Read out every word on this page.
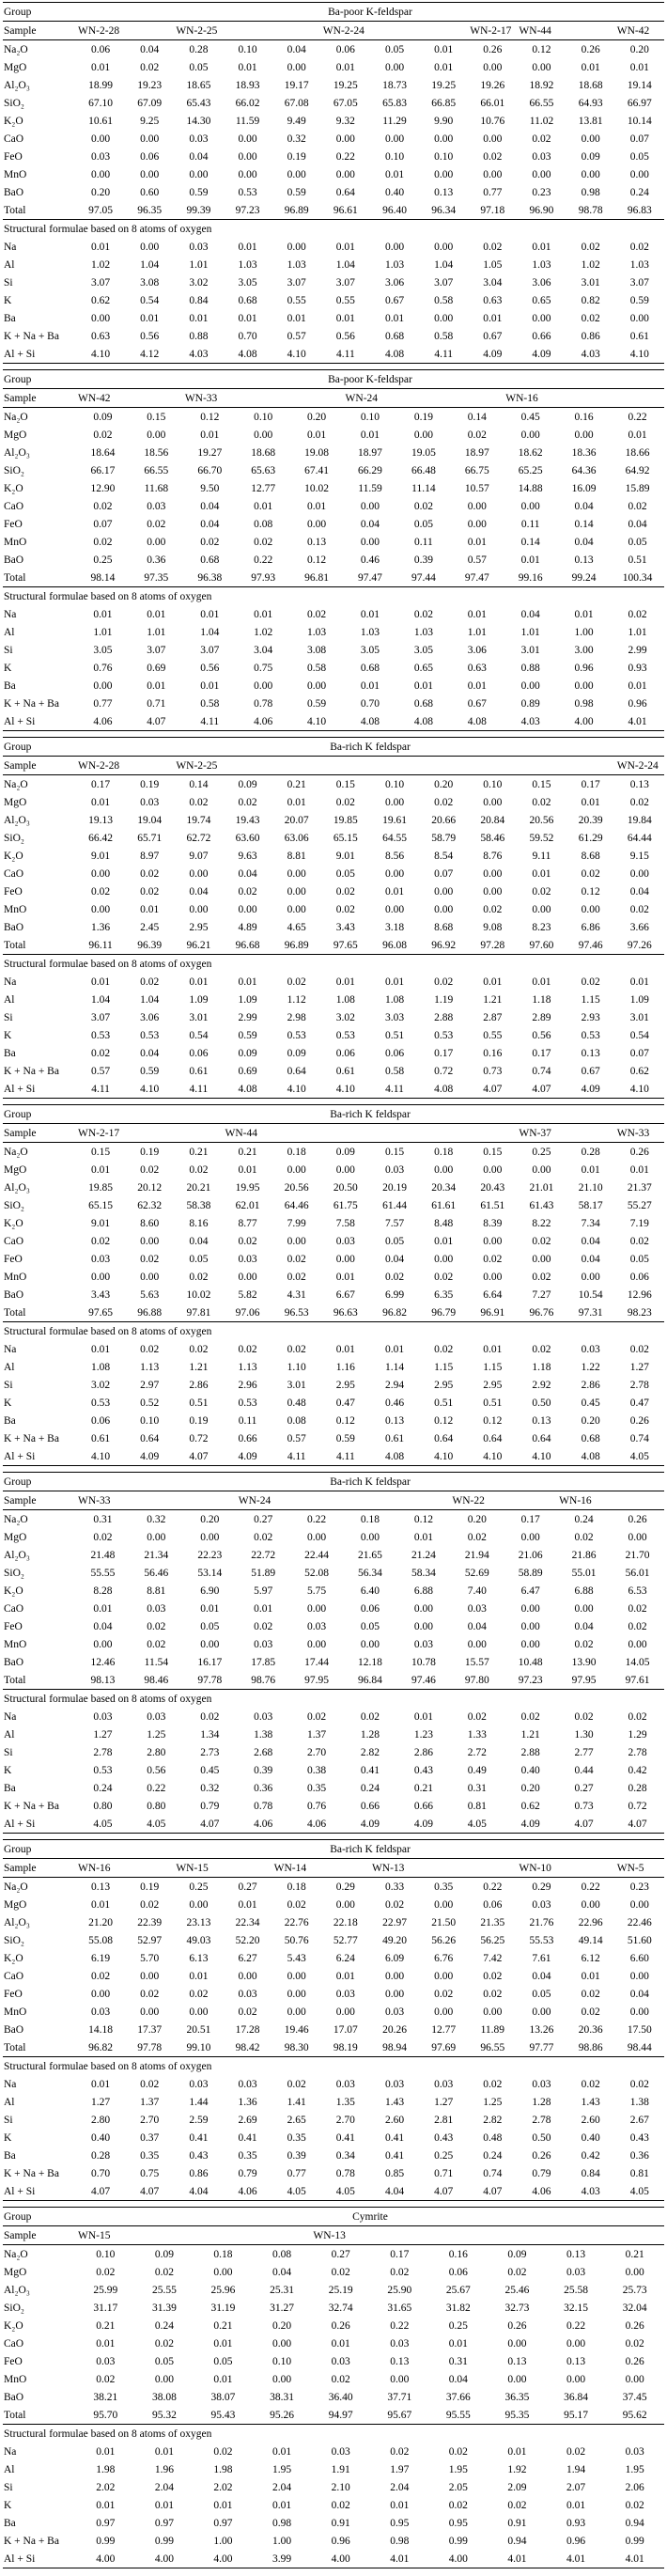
Group	Ba-poor K-feldspar											
Sample	WN-2-28		WN-2-25			WN-2-24			WN-2-17	WN-44		WN-42
Na₂O	0.06	0.04	0.28	0.10	0.04	0.06	0.05	0.01	0.26	0.12	0.26	0.20
MgO	0.01	0.02	0.05	0.01	0.00	0.01	0.00	0.01	0.00	0.00	0.01	0.01
Al₂O₃	18.99	19.23	18.65	18.93	19.17	19.25	18.73	19.25	19.26	18.92	18.68	19.14
SiO₂	67.10	67.09	65.43	66.02	67.08	67.05	65.83	66.85	66.01	66.55	64.93	66.97
K₂O	10.61	9.25	14.30	11.59	9.49	9.32	11.29	9.90	10.76	11.02	13.81	10.14
CaO	0.00	0.00	0.03	0.00	0.32	0.00	0.00	0.00	0.00	0.02	0.00	0.07
FeO	0.03	0.06	0.04	0.00	0.19	0.22	0.10	0.10	0.02	0.03	0.09	0.05
MnO	0.00	0.00	0.00	0.00	0.00	0.00	0.01	0.00	0.00	0.00	0.00	0.00
BaO	0.20	0.60	0.59	0.53	0.59	0.64	0.40	0.13	0.77	0.23	0.98	0.24
Total	97.05	96.35	99.39	97.23	96.89	96.61	96.40	96.34	97.18	96.90	98.78	96.83
Structural formulae based on 8 atoms of oxygen												
Na	0.01	0.00	0.03	0.01	0.00	0.01	0.00	0.00	0.02	0.01	0.02	0.02
Al	1.02	1.04	1.01	1.03	1.03	1.04	1.03	1.04	1.05	1.03	1.02	1.03
Si	3.07	3.08	3.02	3.05	3.07	3.07	3.06	3.07	3.04	3.06	3.01	3.07
K	0.62	0.54	0.84	0.68	0.55	0.55	0.67	0.58	0.63	0.65	0.82	0.59
Ba	0.00	0.01	0.01	0.01	0.01	0.01	0.01	0.00	0.01	0.00	0.02	0.00
K + Na + Ba	0.63	0.56	0.88	0.70	0.57	0.56	0.68	0.58	0.67	0.66	0.86	0.61
Al + Si	4.10	4.12	4.03	4.08	4.10	4.11	4.08	4.11	4.09	4.09	4.03	4.10
Group	Ba-poor K-feldspar										
Sample	WN-42		WN-33			WN-24			WN-16		
Na₂O	0.09	0.15	0.12	0.10	0.20	0.10	0.19	0.14	0.45	0.16	0.22
MgO	0.02	0.00	0.01	0.00	0.01	0.01	0.00	0.02	0.00	0.00	0.01
Al₂O₃	18.64	18.56	19.27	18.68	19.08	18.97	19.05	18.97	18.62	18.36	18.66
SiO₂	66.17	66.55	66.70	65.63	67.41	66.29	66.48	66.75	65.25	64.36	64.92
K₂O	12.90	11.68	9.50	12.77	10.02	11.59	11.14	10.57	14.88	16.09	15.89
CaO	0.02	0.03	0.04	0.01	0.01	0.00	0.02	0.00	0.00	0.04	0.02
FeO	0.07	0.02	0.04	0.08	0.00	0.04	0.05	0.00	0.11	0.14	0.04
MnO	0.02	0.00	0.02	0.02	0.13	0.00	0.11	0.01	0.14	0.04	0.05
BaO	0.25	0.36	0.68	0.22	0.12	0.46	0.39	0.57	0.01	0.13	0.51
Total	98.14	97.35	96.38	97.93	96.81	97.47	97.44	97.47	99.16	99.24	100.34
Structural formulae based on 8 atoms of oxygen											
Na	0.01	0.01	0.01	0.01	0.02	0.01	0.02	0.01	0.04	0.01	0.02
Al	1.01	1.01	1.04	1.02	1.03	1.03	1.03	1.01	1.01	1.00	1.01
Si	3.05	3.07	3.07	3.04	3.08	3.05	3.05	3.06	3.01	3.00	2.99
K	0.76	0.69	0.56	0.75	0.58	0.68	0.65	0.63	0.88	0.96	0.93
Ba	0.00	0.01	0.01	0.00	0.00	0.01	0.01	0.01	0.00	0.00	0.01
K + Na + Ba	0.77	0.71	0.58	0.78	0.59	0.70	0.68	0.67	0.89	0.98	0.96
Al + Si	4.06	4.07	4.11	4.06	4.10	4.08	4.08	4.08	4.03	4.00	4.01
Group	Ba-rich K feldspar											
Sample	WN-2-28		WN-2-25									WN-2-24
Na₂O	0.17	0.19	0.14	0.09	0.21	0.15	0.10	0.20	0.10	0.15	0.17	0.13
MgO	0.01	0.03	0.02	0.02	0.01	0.02	0.00	0.02	0.00	0.02	0.01	0.02
Al₂O₃	19.13	19.04	19.74	19.43	20.07	19.85	19.61	20.66	20.84	20.56	20.39	19.84
SiO₂	66.42	65.71	62.72	63.60	63.06	65.15	64.55	58.79	58.46	59.52	61.29	64.44
K₂O	9.01	8.97	9.07	9.63	8.81	9.01	8.56	8.54	8.76	9.11	8.68	9.15
CaO	0.00	0.02	0.00	0.04	0.00	0.05	0.00	0.07	0.00	0.01	0.02	0.00
FeO	0.02	0.02	0.04	0.02	0.00	0.02	0.01	0.00	0.00	0.02	0.12	0.04
MnO	0.00	0.01	0.00	0.00	0.00	0.02	0.00	0.00	0.02	0.00	0.00	0.02
BaO	1.36	2.45	2.95	4.89	4.65	3.43	3.18	8.68	9.08	8.23	6.86	3.66
Total	96.11	96.39	96.21	96.68	96.89	97.65	96.08	96.92	97.28	97.60	97.46	97.26
Structural formulae based on 8 atoms of oxygen												
Na	0.01	0.02	0.01	0.01	0.02	0.01	0.01	0.02	0.01	0.01	0.02	0.01
Al	1.04	1.04	1.09	1.09	1.12	1.08	1.08	1.19	1.21	1.18	1.15	1.09
Si	3.07	3.06	3.01	2.99	2.98	3.02	3.03	2.88	2.87	2.89	2.93	3.01
K	0.53	0.53	0.54	0.59	0.53	0.53	0.51	0.53	0.55	0.56	0.53	0.54
Ba	0.02	0.04	0.06	0.09	0.09	0.06	0.06	0.17	0.16	0.17	0.13	0.07
K + Na + Ba	0.57	0.59	0.61	0.69	0.64	0.61	0.58	0.72	0.73	0.74	0.67	0.62
Al + Si	4.11	4.10	4.11	4.08	4.10	4.10	4.11	4.08	4.07	4.07	4.09	4.10
Group	Ba-rich K feldspar											
Sample	WN-2-17			WN-44						WN-37		WN-33
Na₂O	0.15	0.19	0.21	0.21	0.18	0.09	0.15	0.18	0.15	0.25	0.28	0.26
MgO	0.01	0.02	0.02	0.01	0.00	0.00	0.03	0.00	0.00	0.00	0.01	0.01
Al₂O₃	19.85	20.12	20.21	19.95	20.56	20.50	20.19	20.34	20.43	21.01	21.10	21.37
SiO₂	65.15	62.32	58.38	62.01	64.46	61.75	61.44	61.61	61.51	61.43	58.17	55.27
K₂O	9.01	8.60	8.16	8.77	7.99	7.58	7.57	8.48	8.39	8.22	7.34	7.19
CaO	0.02	0.00	0.04	0.02	0.00	0.03	0.05	0.01	0.00	0.02	0.04	0.02
FeO	0.03	0.02	0.05	0.03	0.02	0.00	0.04	0.00	0.02	0.00	0.04	0.05
MnO	0.00	0.00	0.02	0.00	0.02	0.01	0.02	0.02	0.00	0.02	0.00	0.06
BaO	3.43	5.63	10.02	5.82	4.31	6.67	6.99	6.35	6.64	7.27	10.54	12.96
Total	97.65	96.88	97.81	97.06	96.53	96.63	96.82	96.79	96.91	96.76	97.31	98.23
Structural formulae based on 8 atoms of oxygen												
Na	0.01	0.02	0.02	0.02	0.02	0.01	0.01	0.02	0.01	0.02	0.03	0.02
Al	1.08	1.13	1.21	1.13	1.10	1.16	1.14	1.15	1.15	1.18	1.22	1.27
Si	3.02	2.97	2.86	2.96	3.01	2.95	2.94	2.95	2.95	2.92	2.86	2.78
K	0.53	0.52	0.51	0.53	0.48	0.47	0.46	0.51	0.51	0.50	0.45	0.47
Ba	0.06	0.10	0.19	0.11	0.08	0.12	0.13	0.12	0.12	0.13	0.20	0.26
K + Na + Ba	0.61	0.64	0.72	0.66	0.57	0.59	0.61	0.64	0.64	0.64	0.68	0.74
Al + Si	4.10	4.09	4.07	4.09	4.11	4.11	4.08	4.10	4.10	4.10	4.08	4.05
Group	Ba-rich K feldspar										
Sample	WN-33			WN-24				WN-22		WN-16	
Na₂O	0.31	0.32	0.20	0.27	0.22	0.18	0.12	0.20	0.17	0.24	0.26
MgO	0.02	0.00	0.00	0.02	0.00	0.00	0.01	0.02	0.00	0.02	0.00
Al₂O₃	21.48	21.34	22.23	22.72	22.44	21.65	21.24	21.94	21.06	21.86	21.70
SiO₂	55.55	56.46	53.14	51.89	52.08	56.34	58.34	52.69	58.89	55.01	56.01
K₂O	8.28	8.81	6.90	5.97	5.75	6.40	6.88	7.40	6.47	6.88	6.53
CaO	0.01	0.03	0.01	0.01	0.00	0.06	0.00	0.03	0.00	0.00	0.02
FeO	0.04	0.02	0.05	0.02	0.03	0.05	0.00	0.04	0.00	0.04	0.02
MnO	0.00	0.02	0.00	0.03	0.00	0.00	0.03	0.00	0.00	0.02	0.00
BaO	12.46	11.54	16.17	17.85	17.44	12.18	10.78	15.57	10.48	13.90	14.05
Total	98.13	98.46	97.78	98.76	97.95	96.84	97.46	97.80	97.23	97.95	97.61
Structural formulae based on 8 atoms of oxygen											
Na	0.03	0.03	0.02	0.03	0.02	0.02	0.01	0.02	0.02	0.02	0.02
Al	1.27	1.25	1.34	1.38	1.37	1.28	1.23	1.33	1.21	1.30	1.29
Si	2.78	2.80	2.73	2.68	2.70	2.82	2.86	2.72	2.88	2.77	2.78
K	0.53	0.56	0.45	0.39	0.38	0.41	0.43	0.49	0.40	0.44	0.42
Ba	0.24	0.22	0.32	0.36	0.35	0.24	0.21	0.31	0.20	0.27	0.28
K + Na + Ba	0.80	0.80	0.79	0.78	0.76	0.66	0.66	0.81	0.62	0.73	0.72
Al + Si	4.05	4.05	4.07	4.06	4.06	4.09	4.09	4.05	4.09	4.07	4.07
Group	Ba-rich K feldspar											
Sample	WN-16		WN-15		WN-14		WN-13			WN-10		WN-5
Na₂O	0.13	0.19	0.25	0.27	0.18	0.29	0.33	0.35	0.22	0.29	0.22	0.23
MgO	0.01	0.02	0.00	0.01	0.02	0.00	0.02	0.00	0.06	0.03	0.00	0.00
Al₂O₃	21.20	22.39	23.13	22.34	22.76	22.18	22.97	21.50	21.35	21.76	22.96	22.46
SiO₂	55.08	52.97	49.03	52.20	50.76	52.77	49.20	56.26	56.25	55.53	49.14	51.60
K₂O	6.19	5.70	6.13	6.27	5.43	6.24	6.09	6.76	7.42	7.61	6.12	6.60
CaO	0.02	0.00	0.01	0.00	0.00	0.01	0.00	0.00	0.02	0.04	0.01	0.00
FeO	0.00	0.02	0.02	0.03	0.00	0.03	0.00	0.02	0.02	0.05	0.02	0.04
MnO	0.03	0.00	0.00	0.02	0.00	0.00	0.03	0.00	0.00	0.00	0.02	0.00
BaO	14.18	17.37	20.51	17.28	19.46	17.07	20.26	12.77	11.89	13.26	20.36	17.50
Total	96.82	97.78	99.10	98.42	98.30	98.19	98.94	97.69	96.55	97.77	98.86	98.44
Structural formulae based on 8 atoms of oxygen												
Na	0.01	0.02	0.03	0.03	0.02	0.03	0.03	0.03	0.02	0.03	0.02	0.02
Al	1.27	1.37	1.44	1.36	1.41	1.35	1.43	1.27	1.25	1.28	1.43	1.38
Si	2.80	2.70	2.59	2.69	2.65	2.70	2.60	2.81	2.82	2.78	2.60	2.67
K	0.40	0.37	0.41	0.41	0.35	0.41	0.41	0.43	0.48	0.50	0.40	0.43
Ba	0.28	0.35	0.43	0.35	0.39	0.34	0.41	0.25	0.24	0.26	0.42	0.36
K + Na + Ba	0.70	0.75	0.86	0.79	0.77	0.78	0.85	0.71	0.74	0.79	0.84	0.81
Al + Si	4.07	4.07	4.04	4.06	4.05	4.05	4.04	4.07	4.07	4.06	4.03	4.05
Group	Cymrite									
Sample	WN-15				WN-13					
Na₂O	0.10	0.09	0.18	0.08	0.27	0.17	0.16	0.09	0.13	0.21
MgO	0.02	0.02	0.00	0.04	0.02	0.02	0.06	0.02	0.03	0.00
Al₂O₃	25.99	25.55	25.96	25.31	25.19	25.90	25.67	25.46	25.58	25.73
SiO₂	31.17	31.39	31.19	31.27	32.74	31.65	31.82	32.73	32.15	32.04
K₂O	0.21	0.24	0.21	0.20	0.26	0.22	0.25	0.26	0.22	0.26
CaO	0.01	0.02	0.01	0.00	0.01	0.03	0.01	0.00	0.00	0.02
FeO	0.03	0.05	0.05	0.10	0.03	0.13	0.31	0.13	0.13	0.26
MnO	0.02	0.00	0.01	0.00	0.02	0.00	0.04	0.00	0.00	0.00
BaO	38.21	38.08	38.07	38.31	36.40	37.71	37.66	36.35	36.84	37.45
Total	95.70	95.32	95.43	95.26	94.97	95.67	95.55	95.35	95.17	95.62
Structural formulae based on 8 atoms of oxygen										
Na	0.01	0.01	0.02	0.01	0.03	0.02	0.02	0.01	0.02	0.03
Al	1.98	1.96	1.98	1.95	1.91	1.97	1.95	1.92	1.94	1.95
Si	2.02	2.04	2.02	2.04	2.10	2.04	2.05	2.09	2.07	2.06
K	0.01	0.01	0.01	0.01	0.02	0.01	0.02	0.02	0.01	0.02
Ba	0.97	0.97	0.97	0.98	0.91	0.95	0.95	0.91	0.93	0.94
K + Na + Ba	0.99	0.99	1.00	1.00	0.96	0.98	0.99	0.94	0.96	0.99
Al + Si	4.00	4.00	4.00	3.99	4.00	4.01	4.00	4.01	4.01	4.01
